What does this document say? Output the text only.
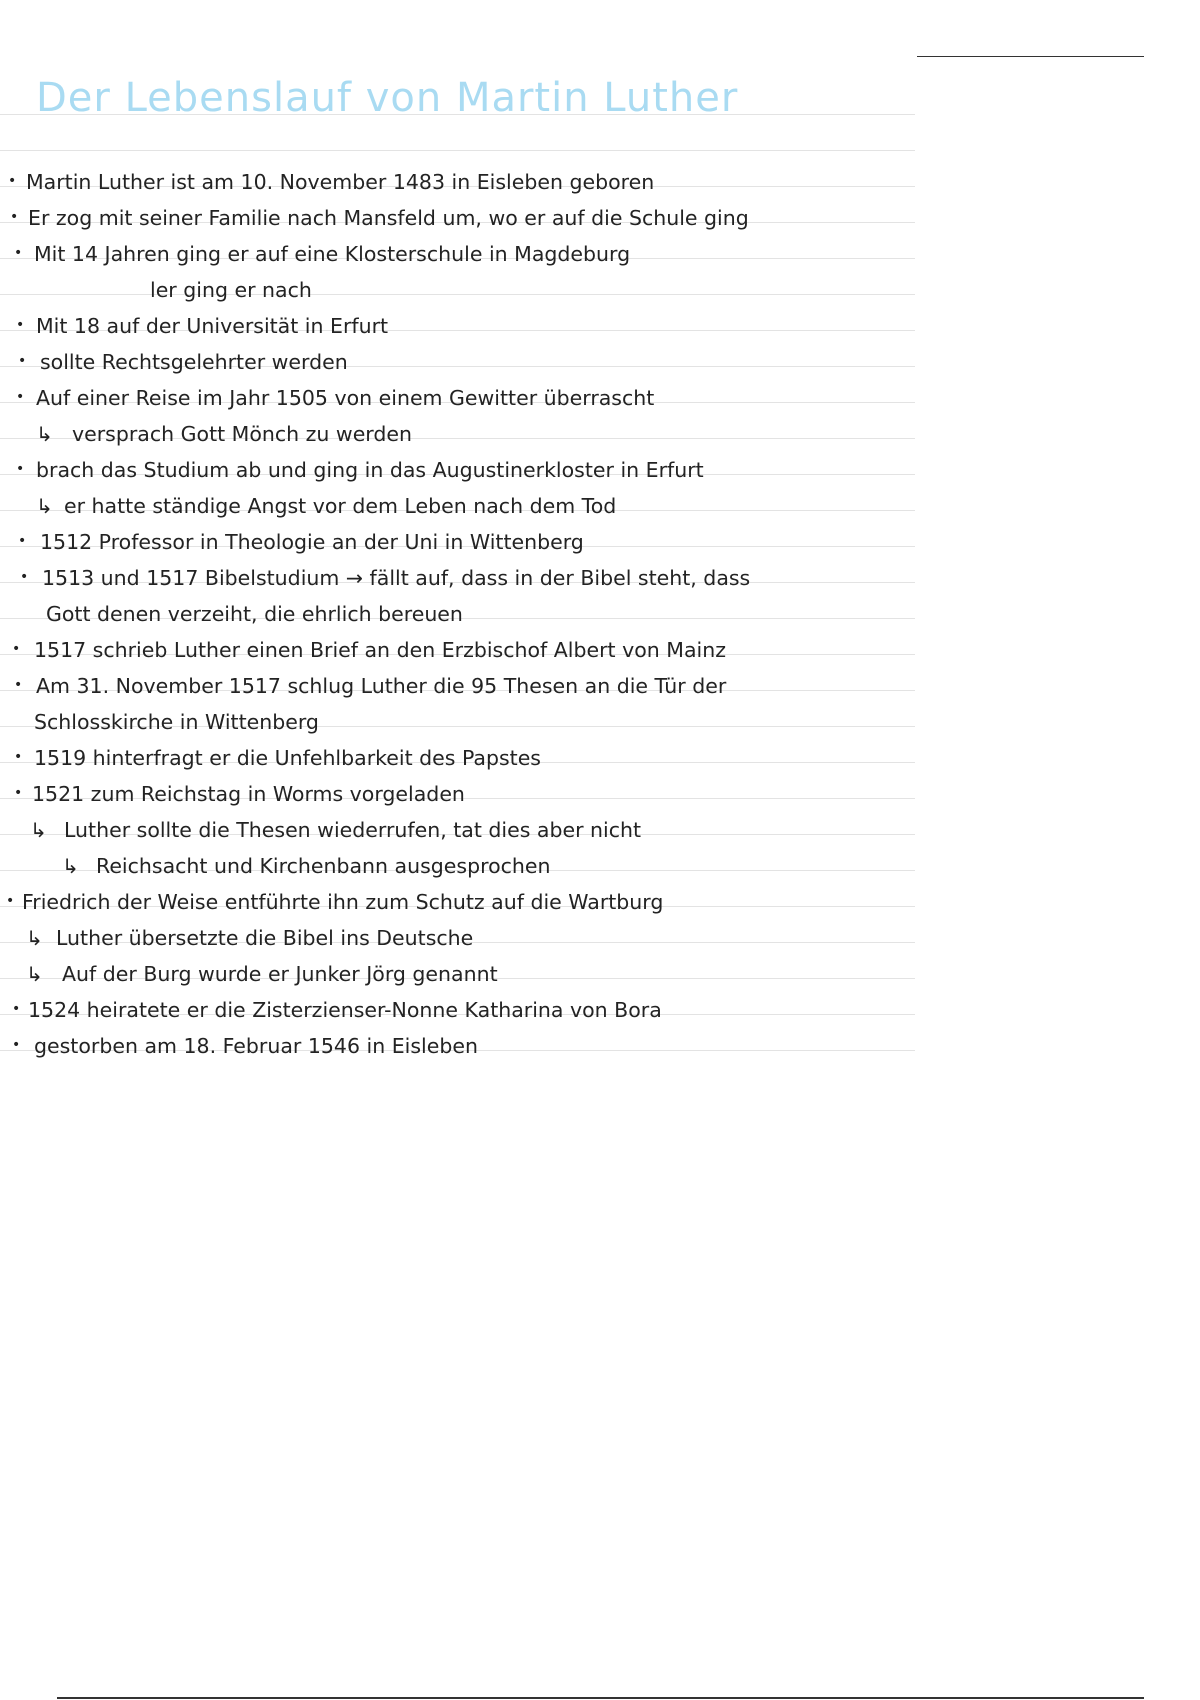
Der Lebenslauf von Martin Luther
• Martin Luther ist am 10. November 1483 in Eisleben geboren
• Er zog mit seiner Familie nach Mansfeld um, wo er auf die Schule ging
• Mit 14 Jahren ging er auf eine Klosterschule in Magdeburg
ler ging er nach
• Mit 18 auf der Universität in Erfurt
• sollte Rechtsgelehrter werden
• Auf einer Reise im Jahr 1505 von einem Gewitter überrascht
↳ versprach Gott Mönch zu werden
• brach das Studium ab und ging in das Augustinerkloster in Erfurt
↳ er hatte ständige Angst vor dem Leben nach dem Tod
• 1512 Professor in Theologie an der Uni in Wittenberg
• 1513 und 1517 Bibelstudium → fällt auf, dass in der Bibel steht, dass
Gott denen verzeiht, die ehrlich bereuen
• 1517 schrieb Luther einen Brief an den Erzbischof Albert von Mainz
• Am 31. November 1517 schlug Luther die 95 Thesen an die Tür der
Schlosskirche in Wittenberg
• 1519 hinterfragt er die Unfehlbarkeit des Papstes
• 1521 zum Reichstag in Worms vorgeladen
↳ Luther sollte die Thesen wiederrufen, tat dies aber nicht
↳ Reichsacht und Kirchenbann ausgesprochen
• Friedrich der Weise entführte ihn zum Schutz auf die Wartburg
↳ Luther übersetzte die Bibel ins Deutsche
↳ Auf der Burg wurde er Junker Jörg genannt
• 1524 heiratete er die Zisterzienser-Nonne Katharina von Bora
• gestorben am 18. Februar 1546 in Eisleben
